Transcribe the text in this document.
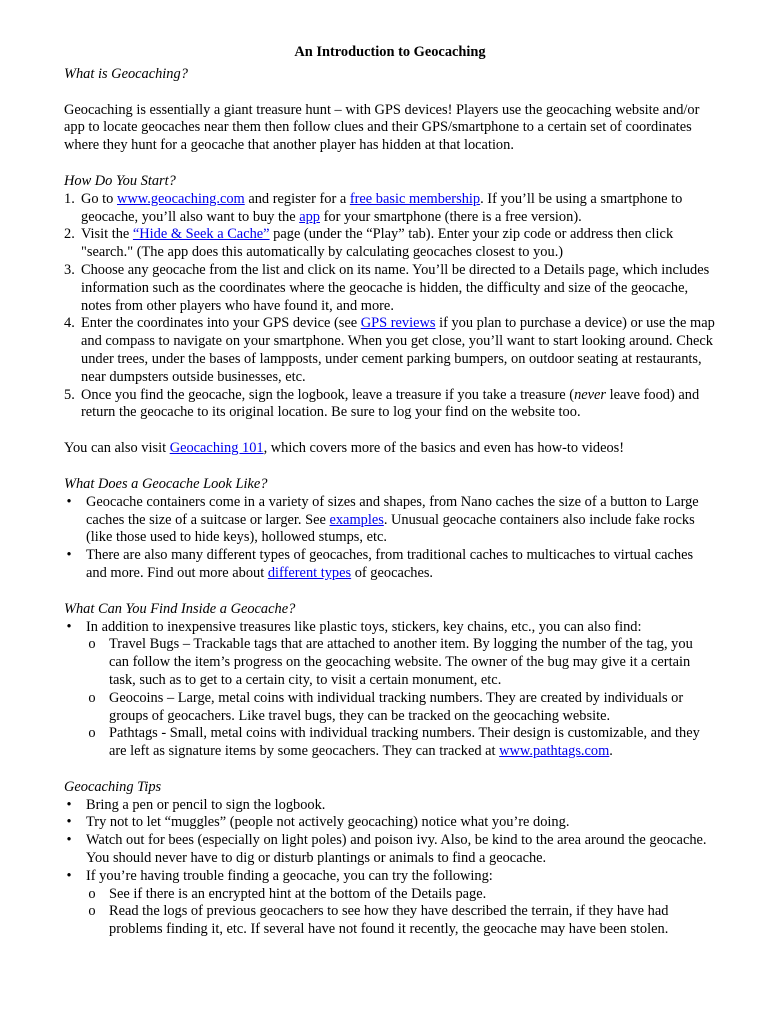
An Introduction to Geocaching

What is Geocaching?

Geocaching is essentially a giant treasure hunt – with GPS devices! Players use the geocaching website and/or app to locate geocaches near them then follow clues and their GPS/smartphone to a certain set of coordinates where they hunt for a geocache that another player has hidden at that location.

How Do You Start?

1. Go to www.geocaching.com and register for a free basic membership. If you’ll be using a smartphone to geocache, you’ll also want to buy the app for your smartphone (there is a free version).
2. Visit the “Hide & Seek a Cache” page (under the “Play” tab). Enter your zip code or address then click "search." (The app does this automatically by calculating geocaches closest to you.)
3. Choose any geocache from the list and click on its name. You’ll be directed to a Details page, which includes information such as the coordinates where the geocache is hidden, the difficulty and size of the geocache, notes from other players who have found it, and more.
4. Enter the coordinates into your GPS device (see GPS reviews if you plan to purchase a device) or use the map and compass to navigate on your smartphone. When you get close, you’ll want to start looking around. Check under trees, under the bases of lampposts, under cement parking bumpers, on outdoor seating at restaurants, near dumpsters outside businesses, etc.
5. Once you find the geocache, sign the logbook, leave a treasure if you take a treasure (never leave food) and return the geocache to its original location. Be sure to log your find on the website too.

You can also visit Geocaching 101, which covers more of the basics and even has how-to videos!

What Does a Geocache Look Like?

• Geocache containers come in a variety of sizes and shapes, from Nano caches the size of a button to Large caches the size of a suitcase or larger. See examples. Unusual geocache containers also include fake rocks (like those used to hide keys), hollowed stumps, etc.
• There are also many different types of geocaches, from traditional caches to multicaches to virtual caches and more. Find out more about different types of geocaches.

What Can You Find Inside a Geocache?

• In addition to inexpensive treasures like plastic toys, stickers, key chains, etc., you can also find:
o Travel Bugs – Trackable tags that are attached to another item. By logging the number of the tag, you can follow the item’s progress on the geocaching website. The owner of the bug may give it a certain task, such as to get to a certain city, to visit a certain monument, etc.
o Geocoins – Large, metal coins with individual tracking numbers. They are created by individuals or groups of geocachers. Like travel bugs, they can be tracked on the geocaching website.
o Pathtags - Small, metal coins with individual tracking numbers. Their design is customizable, and they are left as signature items by some geocachers. They can tracked at www.pathtags.com.

Geocaching Tips

• Bring a pen or pencil to sign the logbook.
• Try not to let “muggles” (people not actively geocaching) notice what you’re doing.
• Watch out for bees (especially on light poles) and poison ivy. Also, be kind to the area around the geocache. You should never have to dig or disturb plantings or animals to find a geocache.
• If you’re having trouble finding a geocache, you can try the following:
o See if there is an encrypted hint at the bottom of the Details page.
o Read the logs of previous geocachers to see how they have described the terrain, if they have had problems finding it, etc. If several have not found it recently, the geocache may have been stolen.
